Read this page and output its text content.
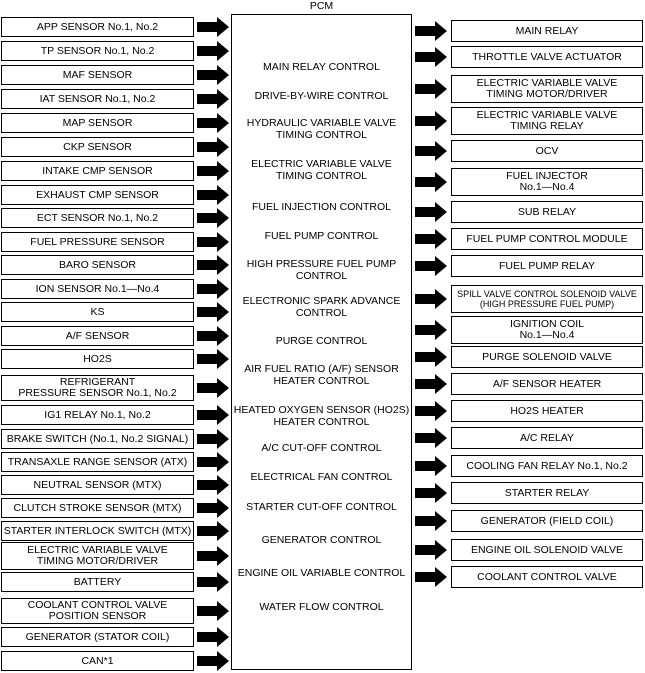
PCM
APP SENSOR No.1, No.2
TP SENSOR No.1, No.2
MAF SENSOR
IAT SENSOR No.1, No.2
MAP SENSOR
CKP SENSOR
INTAKE CMP SENSOR
EXHAUST CMP SENSOR
ECT SENSOR No.1, No.2
FUEL PRESSURE SENSOR
BARO SENSOR
ION SENSOR No.1—No.4
KS
A/F SENSOR
HO2S
REFRIGERANT
PRESSURE SENSOR No.1, No.2
IG1 RELAY No.1, No.2
BRAKE SWITCH (No.1, No.2 SIGNAL)
TRANSAXLE RANGE SENSOR (ATX)
NEUTRAL SENSOR (MTX)
CLUTCH STROKE SENSOR (MTX)
STARTER INTERLOCK SWITCH (MTX)
ELECTRIC VARIABLE VALVE
TIMING MOTOR/DRIVER
BATTERY
COOLANT CONTROL VALVE
POSITION SENSOR
GENERATOR (STATOR COIL)
CAN*1
MAIN RELAY
THROTTLE VALVE ACTUATOR
ELECTRIC VARIABLE VALVE
TIMING MOTOR/DRIVER
ELECTRIC VARIABLE VALVE
TIMING RELAY
OCV
FUEL INJECTOR
No.1—No.4
SUB RELAY
FUEL PUMP CONTROL MODULE
FUEL PUMP RELAY
SPILL VALVE CONTROL SOLENOID VALVE
(HIGH PRESSURE FUEL PUMP)
IGNITION COIL
No.1—No.4
PURGE SOLENOID VALVE
A/F SENSOR HEATER
HO2S HEATER
A/C RELAY
COOLING FAN RELAY No.1, No.2
STARTER RELAY
GENERATOR (FIELD COIL)
ENGINE OIL SOLENOID VALVE
COOLANT CONTROL VALVE
MAIN RELAY CONTROL
DRIVE-BY-WIRE CONTROL
HYDRAULIC VARIABLE VALVE
TIMING CONTROL
ELECTRIC VARIABLE VALVE
TIMING CONTROL
FUEL INJECTION CONTROL
FUEL PUMP CONTROL
HIGH PRESSURE FUEL PUMP
CONTROL
ELECTRONIC SPARK ADVANCE
CONTROL
PURGE CONTROL
AIR FUEL RATIO (A/F) SENSOR
HEATER CONTROL
HEATED OXYGEN SENSOR (HO2S)
HEATER CONTROL
A/C CUT-OFF CONTROL
ELECTRICAL FAN CONTROL
STARTER CUT-OFF CONTROL
GENERATOR CONTROL
ENGINE OIL VARIABLE CONTROL
WATER FLOW CONTROL
